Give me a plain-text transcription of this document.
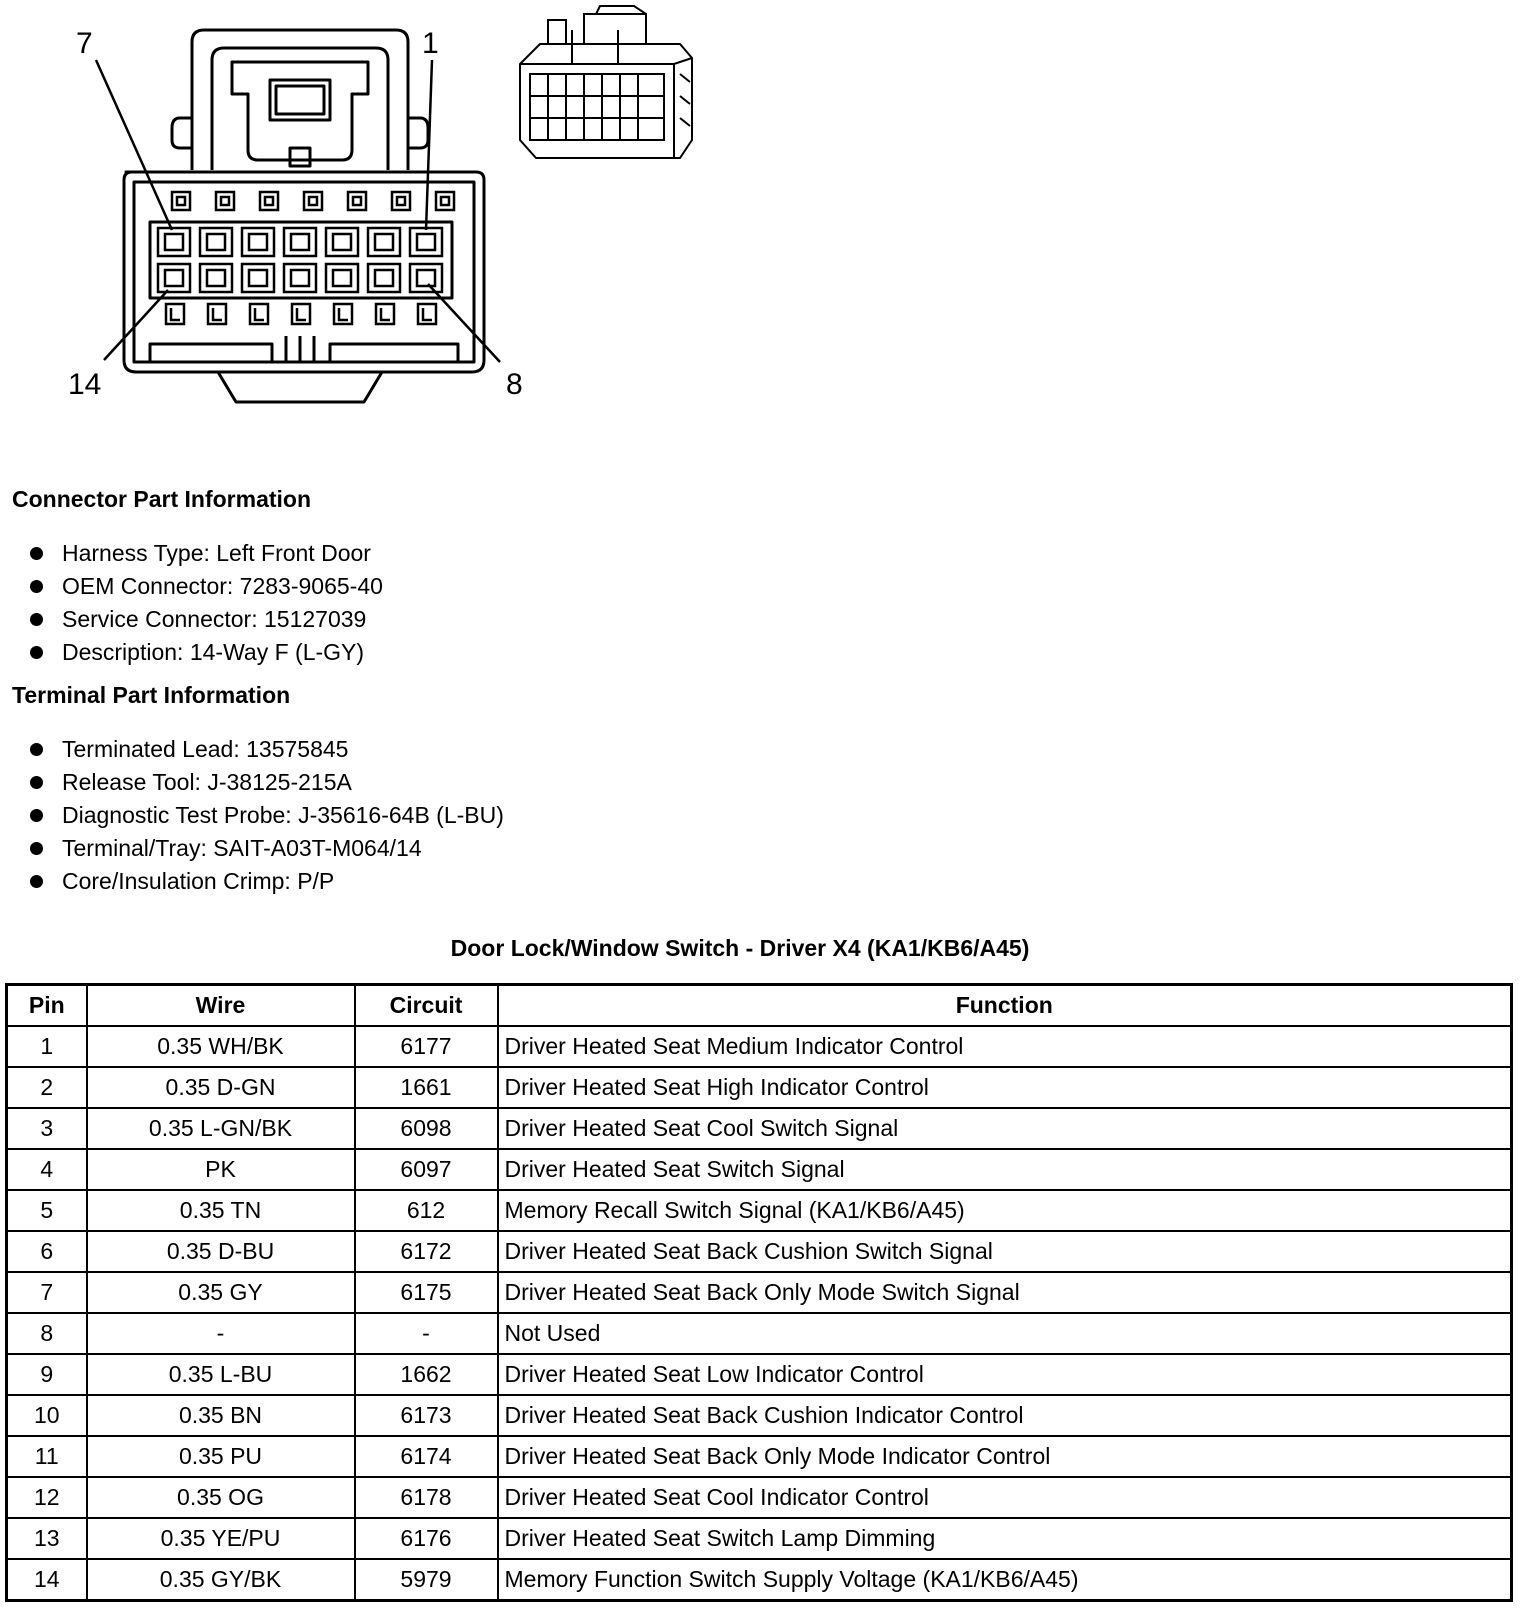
7	1
14	8
Connector Part Information
Harness Type: Left Front Door
OEM Connector: 7283-9065-40
Service Connector: 15127039
Description: 14-Way F (L-GY)
Terminal Part Information
Terminated Lead: 13575845
Release Tool: J-38125-215A
Diagnostic Test Probe: J-35616-64B (L-BU)
Terminal/Tray: SAIT-A03T-M064/14
Core/Insulation Crimp: P/P
Door Lock/Window Switch - Driver X4 (KA1/KB6/A45)
Pin	Wire	Circuit	Function
1	0.35 WH/BK	6177	Driver Heated Seat Medium Indicator Control
2	0.35 D-GN	1661	Driver Heated Seat High Indicator Control
3	0.35 L-GN/BK	6098	Driver Heated Seat Cool Switch Signal
4	PK	6097	Driver Heated Seat Switch Signal
5	0.35 TN	612	Memory Recall Switch Signal (KA1/KB6/A45)
6	0.35 D-BU	6172	Driver Heated Seat Back Cushion Switch Signal
7	0.35 GY	6175	Driver Heated Seat Back Only Mode Switch Signal
8	-	-	Not Used
9	0.35 L-BU	1662	Driver Heated Seat Low Indicator Control
10	0.35 BN	6173	Driver Heated Seat Back Cushion Indicator Control
11	0.35 PU	6174	Driver Heated Seat Back Only Mode Indicator Control
12	0.35 OG	6178	Driver Heated Seat Cool Indicator Control
13	0.35 YE/PU	6176	Driver Heated Seat Switch Lamp Dimming
14	0.35 GY/BK	5979	Memory Function Switch Supply Voltage (KA1/KB6/A45)
